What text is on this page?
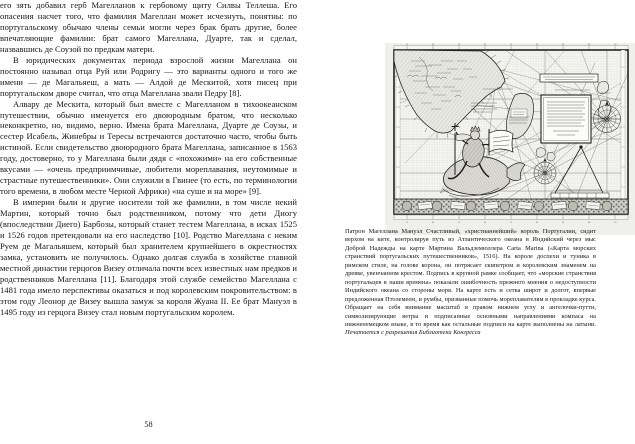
его зять добавил герб Магелланов к гербовому щиту Силвы Теллеша. Его опасения насчет того, что фамилия Магеллан может исчезнуть, понятны: по португальскому обычаю члены семьи могли через брак брать другие, более впечатляющие фамилии: брат самого Магеллана, Дуарте, так и сделал, назвавшись де Соузой по предкам матери.

В юридических документах периода взрослой жизни Магеллана он постоянно называл отца Руй или Родригу — это варианты одного и того же имени — де Магальяеш, а мать — Алдой де Мескитой, хотя писец при португальском дворе считал, что отца Магеллана звали Педру [8].

Алвару де Мескита, который был вместе с Магелланом в тихоокеанском путешествии, обычно именуется его двоюродным братом, что несколько неконкретно, но, видимо, верно. Имена брата Магеллана, Дуарте де Соузы, и сестер Исабель, Жинебры и Тересы встречаются достаточно часто, чтобы быть истиной. Если свидетельство двоюродного брата Магеллана, записанное в 1563 году, достоверно, то у Магеллана были дядя с «похожими» на его собственные вкусами — «очень предприимчивые, любители мореплавания, неутомимые и страстные путешественники». Они служили в Гвинее (то есть, по терминологии того времени, в любом месте Черной Африки) «на суше и на море» [9].

В империи были и другие носители той же фамилии, в том числе некий Мартин, который точно был родственником, потому что дети Диогу (впоследствии Диего) Барбозы, который станет тестем Магеллана, в исках 1525 и 1526 годов претендовали на его наследство [10]. Родство Магеллана с неким Руем де Магальяшем, который был хранителем крупнейшего в окрестностях замка, установить не получилось. Однако долгая служба в хозяйстве главной местной династии герцогов Визеу отличала почти всех известных нам предков и родственников Магеллана [11]. Благодаря этой службе семейство Магеллана с 1481 года имело перспективы оказаться и под королевским покровительством: в этом году Леонор де Визеу вышла замуж за короля Жуана II. Ее брат Мануэл в 1495 году из герцога Визеу стал новым португальским королем.

58
30	40	50	60	70	80	90	100	110
30	40	50	60	70	80	90	100	110

Патрон Магеллана Мануэл Счастливый, «христианнейший» король Португалии, сидит верхом на ките, контролируя путь из Атлантического океана в Индийский через мыс Доброй Надежды на карте Мартина Вальдземюллера Carta Marina («Карта морских странствий португальских путешественников», 1516). На короле доспехи и туника в римском стиле, на голове корона, он потрясает скипетром и королевским знаменем на древке, увенчанном крестом. Подпись в крупной рамке сообщает, что «морские странствия португальцев в наши времена» показали ошибочность прежнего мнения о недоступности Индийского океана со стороны моря. На карте есть и сетка широт и долгот, впервые предложенная Птолемеем, и румбы, призванные помочь мореплавателям в прокладке курса. Обращает на себя внимание масштаб в правом нижнем углу и ангелочки-путти, символизирующие ветры и подписанные основными направлениями компаса на нижненемецком языке, в то время как остальные подписи на карте выполнены на латыни. Печатается с разрешения Библиотеки Конгресса
